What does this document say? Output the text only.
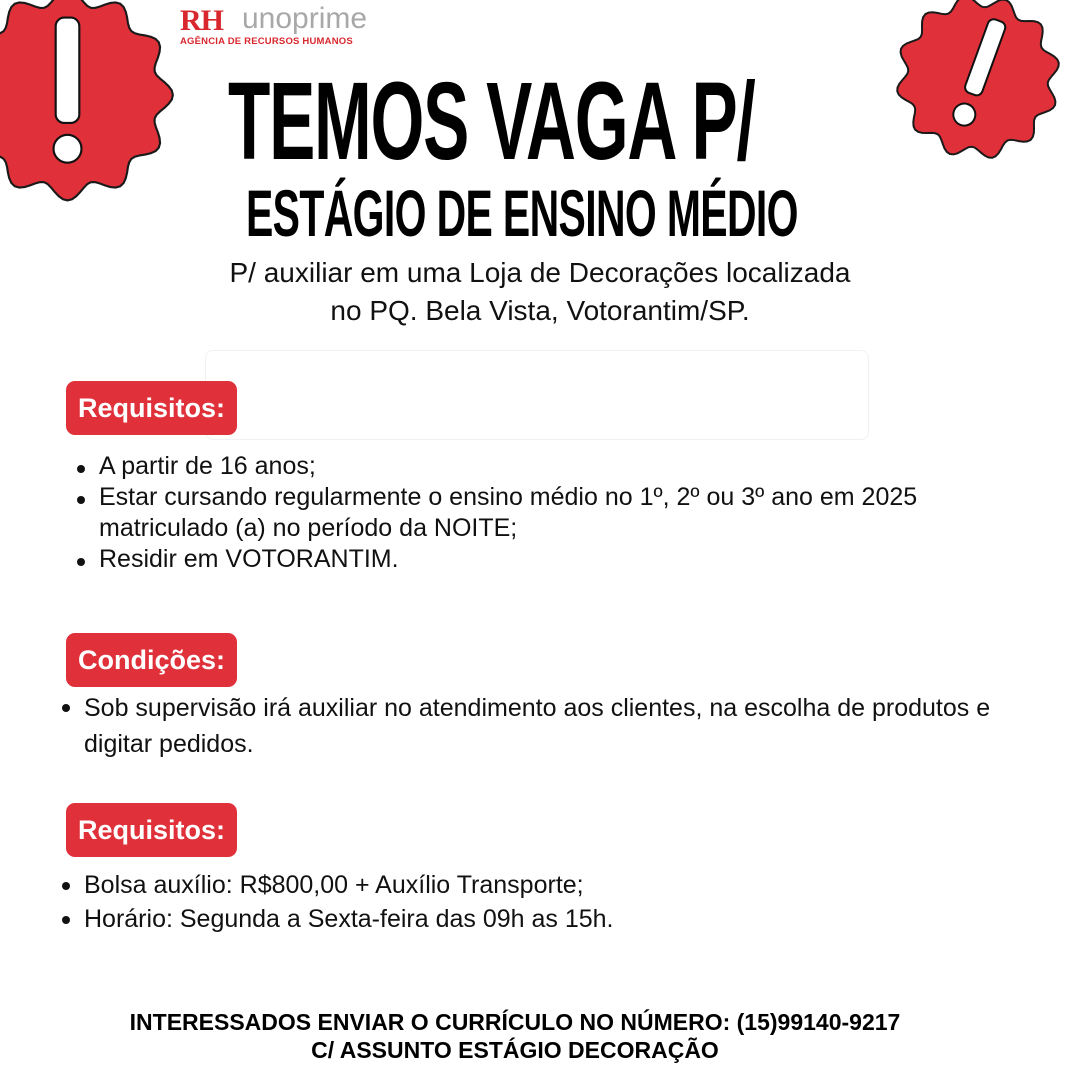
RH unoprime
AGÊNCIA DE RECURSOS HUMANOS
TEMOS VAGA P/
ESTÁGIO DE ENSINO MÉDIO
P/ auxiliar em uma Loja de Decorações localizada
no PQ. Bela Vista, Votorantim/SP.
Requisitos:
A partir de 16 anos;
Estar cursando regularmente o ensino médio no 1º, 2º ou 3º ano em 2025 matriculado (a) no período da NOITE;
Residir em VOTORANTIM.
Condições:
Sob supervisão irá auxiliar no atendimento aos clientes, na escolha de produtos e digitar pedidos.
Requisitos:
Bolsa auxílio: R$800,00 + Auxílio Transporte;
Horário: Segunda a Sexta-feira das 09h as 15h.
INTERESSADOS ENVIAR O CURRÍCULO NO NÚMERO: (15)99140-9217
C/ ASSUNTO ESTÁGIO DECORAÇÃO
